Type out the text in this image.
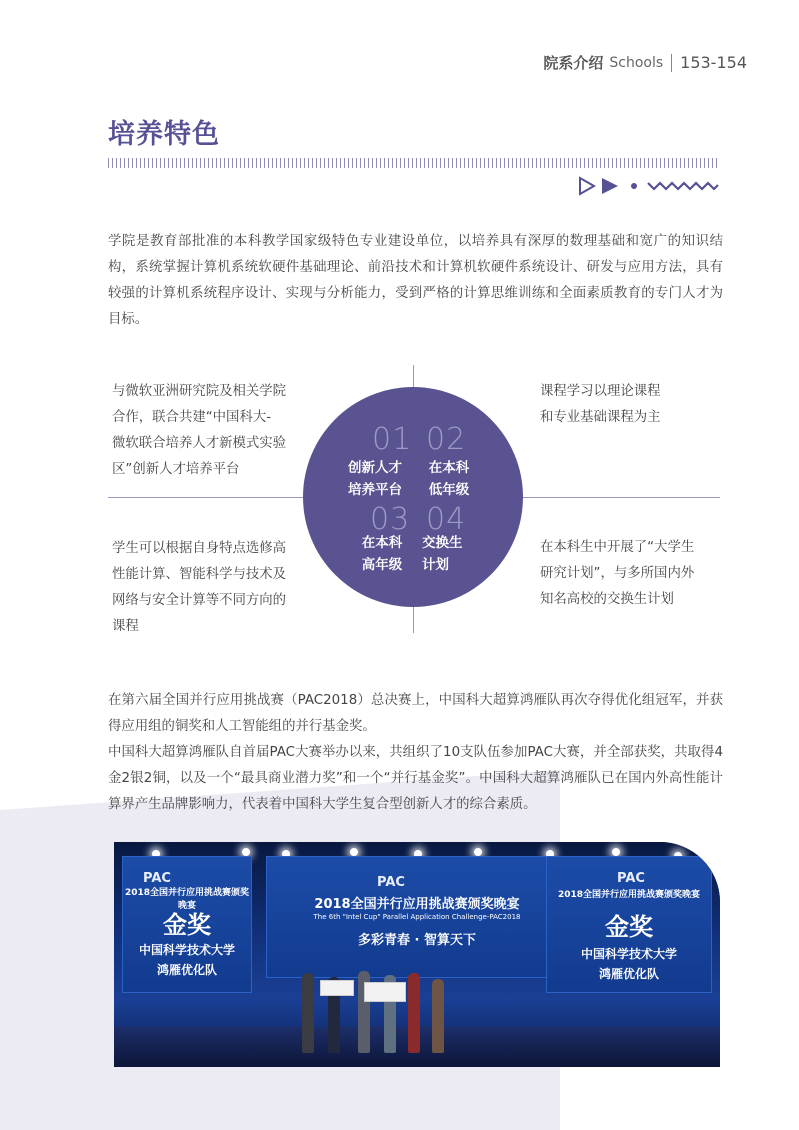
院系介绍 Schools 153-154
培养特色
学院是教育部批准的本科教学国家级特色专业建设单位，以培养具有深厚的数理基础和宽广的知识结构，系统掌握计算机系统软硬件基础理论、前沿技术和计算机软硬件系统设计、研发与应用方法，具有较强的计算机系统程序设计、实现与分析能力，受到严格的计算思维训练和全面素质教育的专门人才为目标。
01 02
03 04
创新人才
培养平台
在本科
低年级
在本科
高年级
交换生
计划
与微软亚洲研究院及相关学院
合作，联合共建“中国科大-
微软联合培养人才新模式实验
区”创新人才培养平台
课程学习以理论课程
和专业基础课程为主
学生可以根据自身特点选修高
性能计算、智能科学与技术及
网络与安全计算等不同方向的
课程
在本科生中开展了“大学生
研究计划”，与多所国内外
知名高校的交换生计划
在第六届全国并行应用挑战赛（PAC2018）总决赛上，中国科大超算鸿雁队再次夺得优化组冠军，并获得应用组的铜奖和人工智能组的并行基金奖。
中国科大超算鸿雁队自首届PAC大赛举办以来，共组织了10支队伍参加PAC大赛，并全部获奖，共取得4金2银2铜，以及一个“最具商业潜力奖”和一个“并行基金奖”。中国科大超算鸿雁队已在国内外高性能计算界产生品牌影响力，代表着中国科大学生复合型创新人才的综合素质。
PAC
2018全国并行应用挑战赛颁奖晚宴
金奖
中国科学技术大学
鸿雁优化队
PAC
2018全国并行应用挑战赛颁奖晚宴
The 6th "Intel Cup" Parallel Application Challenge-PAC2018
多彩青春 · 智算天下
PAC
2018全国并行应用挑战赛颁奖晚宴
金奖
中国科学技术大学
鸿雁优化队
